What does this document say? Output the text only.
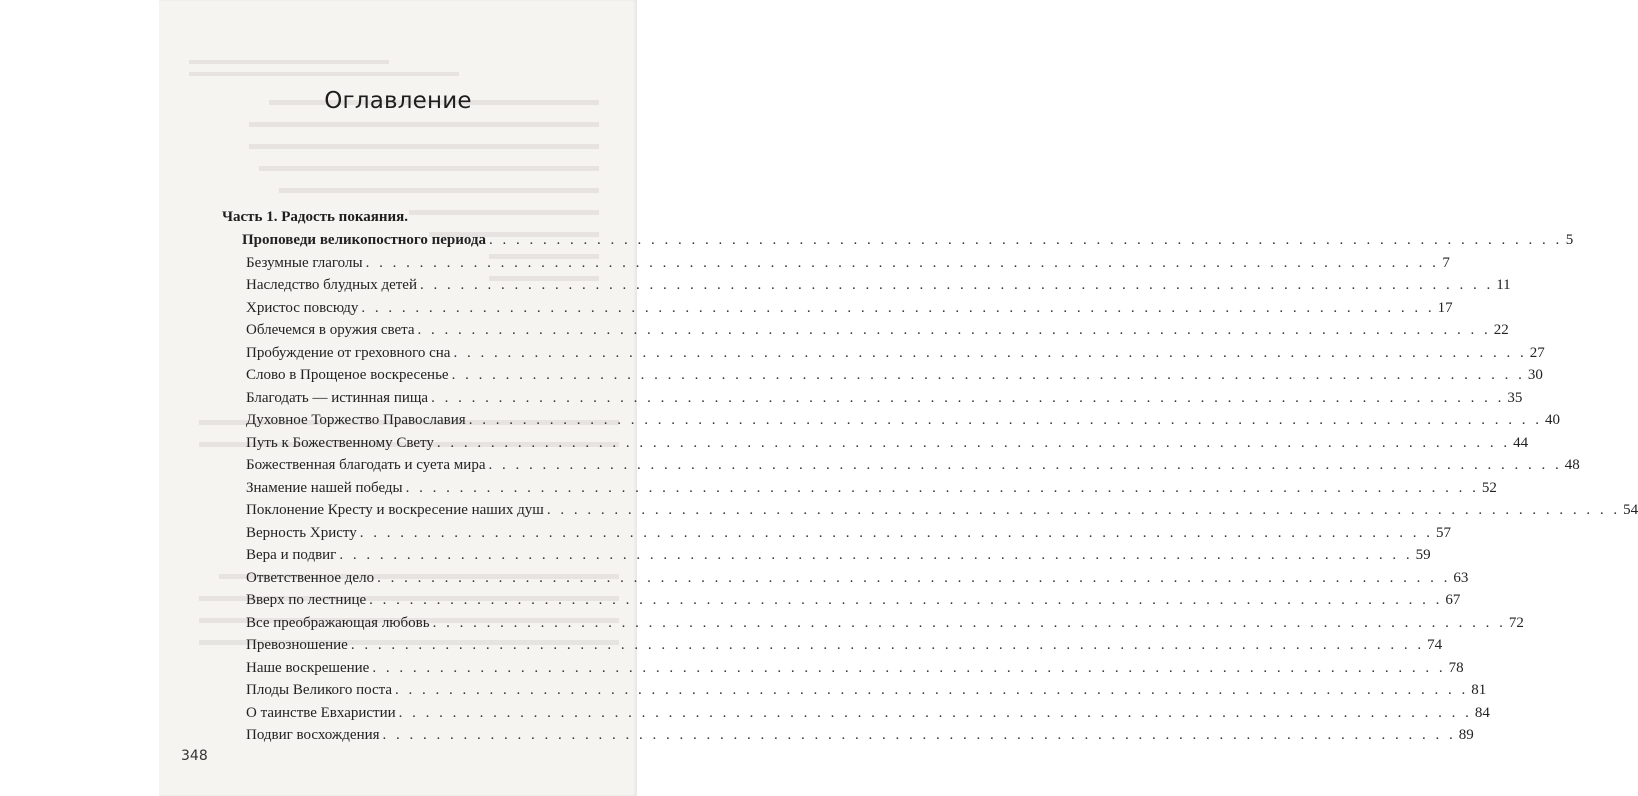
Оглавление
Часть 1. Радость покаяния.
Проповеди великопостного периода . . . . . . . . . . . . . . . . . . . . . . . . . . . . . . . . . . . . . . . . . . . . . . . . . . . . . . . . . . . . . . . . . . . . . . . . . . . . . . . . 5
Безумные глаголы . . . . . . . . . . . . . . . . . . . . . . . . . . . . . . . . . . . . . . . . . . . . . . . . . . . . . . . . . . . . . . . . . . . . . . . . . . . . . . . . 7
Наследство блудных детей . . . . . . . . . . . . . . . . . . . . . . . . . . . . . . . . . . . . . . . . . . . . . . . . . . . . . . . . . . . . . . . . . . . . . . . . . . . . . . . . 11
Христос повсюду . . . . . . . . . . . . . . . . . . . . . . . . . . . . . . . . . . . . . . . . . . . . . . . . . . . . . . . . . . . . . . . . . . . . . . . . . . . . . . . . 17
Облечемся в оружия света . . . . . . . . . . . . . . . . . . . . . . . . . . . . . . . . . . . . . . . . . . . . . . . . . . . . . . . . . . . . . . . . . . . . . . . . . . . . . . . . 22
Пробуждение от греховного сна . . . . . . . . . . . . . . . . . . . . . . . . . . . . . . . . . . . . . . . . . . . . . . . . . . . . . . . . . . . . . . . . . . . . . . . . . . . . . . . . 27
Слово в Прощеное воскресенье . . . . . . . . . . . . . . . . . . . . . . . . . . . . . . . . . . . . . . . . . . . . . . . . . . . . . . . . . . . . . . . . . . . . . . . . . . . . . . . . 30
Благодать — истинная пища . . . . . . . . . . . . . . . . . . . . . . . . . . . . . . . . . . . . . . . . . . . . . . . . . . . . . . . . . . . . . . . . . . . . . . . . . . . . . . . . 35
Духовное Торжество Православия . . . . . . . . . . . . . . . . . . . . . . . . . . . . . . . . . . . . . . . . . . . . . . . . . . . . . . . . . . . . . . . . . . . . . . . . . . . . . . . . 40
Путь к Божественному Свету . . . . . . . . . . . . . . . . . . . . . . . . . . . . . . . . . . . . . . . . . . . . . . . . . . . . . . . . . . . . . . . . . . . . . . . . . . . . . . . . 44
Божественная благодать и суета мира . . . . . . . . . . . . . . . . . . . . . . . . . . . . . . . . . . . . . . . . . . . . . . . . . . . . . . . . . . . . . . . . . . . . . . . . . . . . . . . . 48
Знамение нашей победы . . . . . . . . . . . . . . . . . . . . . . . . . . . . . . . . . . . . . . . . . . . . . . . . . . . . . . . . . . . . . . . . . . . . . . . . . . . . . . . . 52
Поклонение Кресту и воскресение наших душ . . . . . . . . . . . . . . . . . . . . . . . . . . . . . . . . . . . . . . . . . . . . . . . . . . . . . . . . . . . . . . . . . . . . . . . . . . . . . . . . 54
Верность Христу . . . . . . . . . . . . . . . . . . . . . . . . . . . . . . . . . . . . . . . . . . . . . . . . . . . . . . . . . . . . . . . . . . . . . . . . . . . . . . . . 57
Вера и подвиг . . . . . . . . . . . . . . . . . . . . . . . . . . . . . . . . . . . . . . . . . . . . . . . . . . . . . . . . . . . . . . . . . . . . . . . . . . . . . . . . 59
Ответственное дело . . . . . . . . . . . . . . . . . . . . . . . . . . . . . . . . . . . . . . . . . . . . . . . . . . . . . . . . . . . . . . . . . . . . . . . . . . . . . . . . 63
Вверх по лестнице . . . . . . . . . . . . . . . . . . . . . . . . . . . . . . . . . . . . . . . . . . . . . . . . . . . . . . . . . . . . . . . . . . . . . . . . . . . . . . . . 67
Все преображающая любовь . . . . . . . . . . . . . . . . . . . . . . . . . . . . . . . . . . . . . . . . . . . . . . . . . . . . . . . . . . . . . . . . . . . . . . . . . . . . . . . . 72
Превозношение . . . . . . . . . . . . . . . . . . . . . . . . . . . . . . . . . . . . . . . . . . . . . . . . . . . . . . . . . . . . . . . . . . . . . . . . . . . . . . . . 74
Наше воскрешение . . . . . . . . . . . . . . . . . . . . . . . . . . . . . . . . . . . . . . . . . . . . . . . . . . . . . . . . . . . . . . . . . . . . . . . . . . . . . . . . 78
Плоды Великого поста . . . . . . . . . . . . . . . . . . . . . . . . . . . . . . . . . . . . . . . . . . . . . . . . . . . . . . . . . . . . . . . . . . . . . . . . . . . . . . . . 81
О таинстве Евхаристии . . . . . . . . . . . . . . . . . . . . . . . . . . . . . . . . . . . . . . . . . . . . . . . . . . . . . . . . . . . . . . . . . . . . . . . . . . . . . . . . 84
Подвиг восхождения . . . . . . . . . . . . . . . . . . . . . . . . . . . . . . . . . . . . . . . . . . . . . . . . . . . . . . . . . . . . . . . . . . . . . . . . . . . . . . . . 89
348
